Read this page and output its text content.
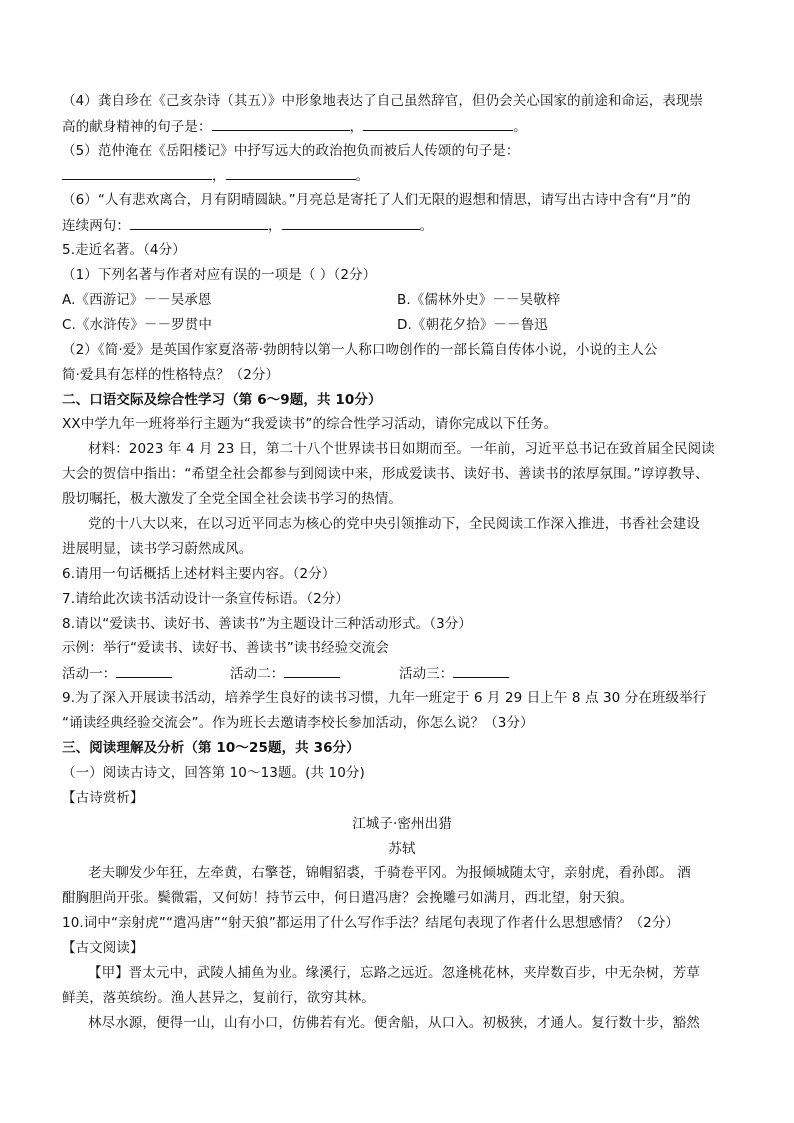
（4）龚自珍在《己亥杂诗（其五）》中形象地表达了自己虽然辞官，但仍会关心国家的前途和命运，表现崇
高的献身精神的句子是：	，	。
（5）范仲淹在《岳阳楼记》中抒写远大的政治抱负而被后人传颂的句子是：
，	。
（6）“人有悲欢离合，月有阴晴圆缺。”月亮总是寄托了人们无限的遐想和情思，请写出古诗中含有“月”的
连续两句：	，	。
5.走近名著。（4分）
（1）下列名著与作者对应有误的一项是（ ）（2分）
A.《西游记》－－吴承恩	B.《儒林外史》－－吴敬梓
C.《水浒传》－－罗贯中	D.《朝花夕拾》－－鲁迅
（2）《简·爱》是英国作家夏洛蒂·勃朗特以第一人称口吻创作的一部长篇自传体小说，小说的主人公
简·爱具有怎样的性格特点？（2分）
二、口语交际及综合性学习（第 6～9题，共 10分）
XX中学九年一班将举行主题为“我爱读书”的综合性学习活动，请你完成以下任务。
材料：2023 年 4 月 23 日，第二十八个世界读书日如期而至。一年前，习近平总书记在致首届全民阅读
大会的贺信中指出：“希望全社会都参与到阅读中来，形成爱读书、读好书、善读书的浓厚氛围。”谆谆教导、
殷切嘱托，极大激发了全党全国全社会读书学习的热情。
党的十八大以来，在以习近平同志为核心的党中央引领推动下，全民阅读工作深入推进，书香社会建设
进展明显，读书学习蔚然成风。
6.请用一句话概括上述材料主要内容。（2分）
7.请给此次读书活动设计一条宣传标语。（2分）
8.请以“爱读书、读好书、善读书”为主题设计三种活动形式。（3分）
示例：举行“爱读书、读好书、善读书”读书经验交流会
活动一：	活动二：	活动三：
9.为了深入开展读书活动，培养学生良好的读书习惯，九年一班定于 6 月 29 日上午 8 点 30 分在班级举行
“诵读经典经验交流会”。作为班长去邀请李校长参加活动，你怎么说？（3分）
三、阅读理解及分析（第 10～25题，共 36分）
（一）阅读古诗文，回答第 10～13题。(共 10分)
【古诗赏析】
江城子·密州出猎
苏轼
老夫聊发少年狂，左牵黄，右擎苍，锦帽貂裘，千骑卷平冈。为报倾城随太守，亲射虎，看孙郎。 酒
酣胸胆尚开张。鬓微霜，又何妨！持节云中，何日遣冯唐？会挽雕弓如满月，西北望，射天狼。
10.词中“亲射虎”“遣冯唐”“射天狼”都运用了什么写作手法？结尾句表现了作者什么思想感情？（2分）
【古文阅读】
【甲】晋太元中，武陵人捕鱼为业。缘溪行，忘路之远近。忽逢桃花林，夹岸数百步，中无杂树，芳草
鲜美，落英缤纷。渔人甚异之，复前行，欲穷其林。
林尽水源，便得一山，山有小口，仿佛若有光。便舍船，从口入。初极狭，才通人。复行数十步，豁然
